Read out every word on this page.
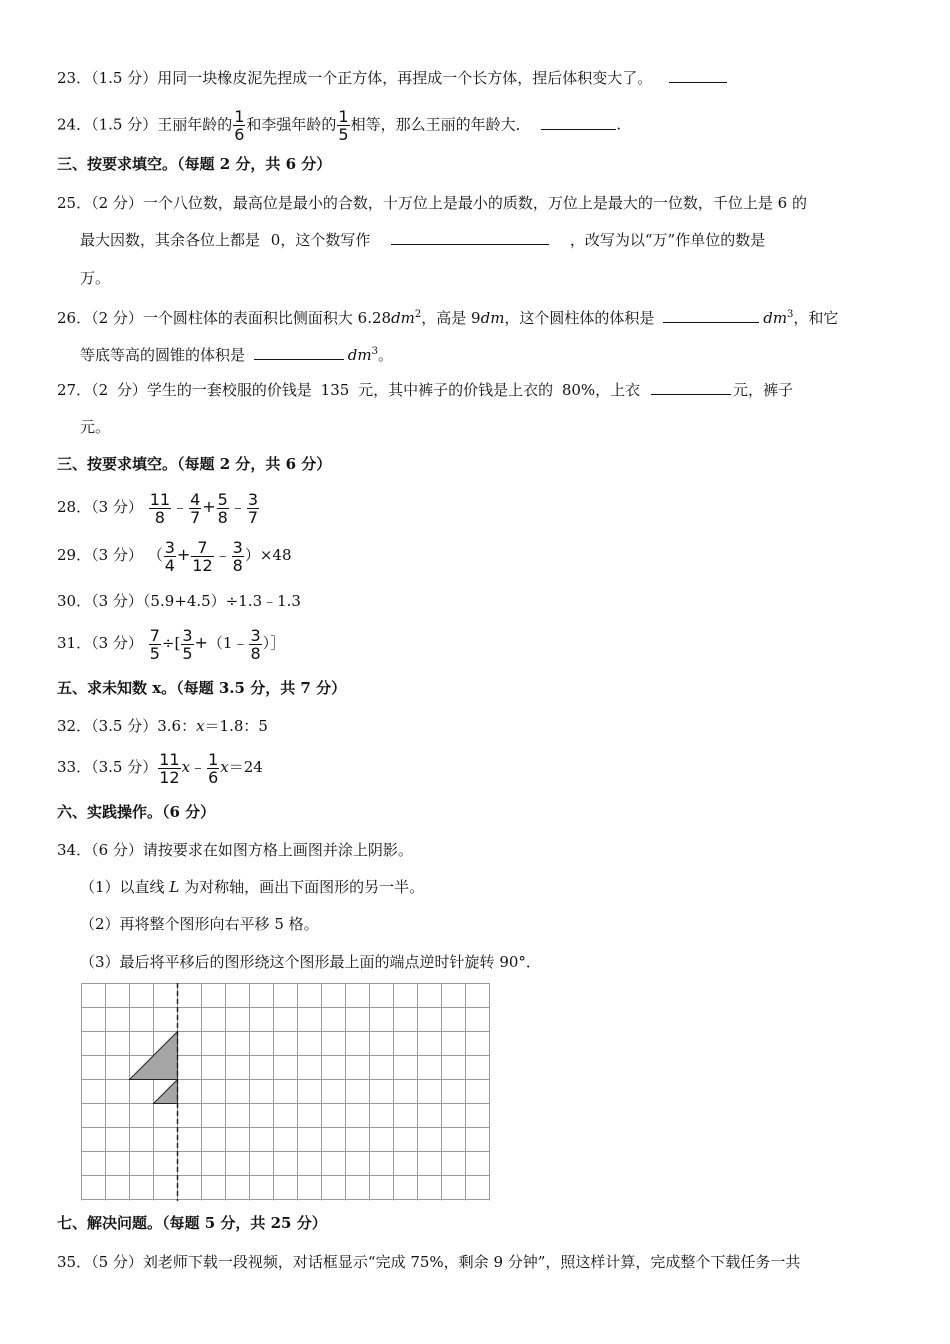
23．（1.5 分）用同一块橡皮泥先捏成一个正方体，再捏成一个长方体，捏后体积变大了。
24．（1.5 分）王丽年龄的 $\frac{1}{6}$ 和李强年龄的 $\frac{1}{5}$ 相等，那么王丽的年龄大．	.
三、按要求填空。（每题 2 分，共 6 分）
25．（2 分）一个八位数，最高位是最小的合数，十万位上是最小的质数，万位上是最大的一位数，千位上是 6 的
最大因数，其余各位上都是 0，这个数写作	，改写为以“万”作单位的数是
万。
26．（2 分）一个圆柱体的表面积比侧面积大 $6.28dm^2$，高是 9dm，这个圆柱体的体积是	$dm^3$，和它
等底等高的圆锥的体积是	$dm^3$。
27．（2 分）学生的一套校服的价钱是 135 元，其中裤子的价钱是上衣的 80%，上衣	元，裤子
元。
三、按要求填空。（每题 2 分，共 6 分）
28．（3 分） $\frac{11}{8}$ ﹣ $\frac{4}{7} + \frac{5}{8}$ ﹣ $\frac{3}{7}$
29．（3 分） （ $\frac{3}{4} + \frac{7}{12}$ ﹣ $\frac{3}{8} )\times 48$
30．（3 分）（5.9+4.5）÷1.3﹣1.3
31．（3 分） $\frac{7}{5}$ ÷[ $\frac{3}{5}$ +（1﹣ $\frac{3}{8}$ ）］
五、求未知数 x。（每题 3.5 分，共 7 分）
32．（3.5 分）3.6：x＝1.8：5
33．（3.5 分） $\frac{11}{12}$ x﹣ $\frac{1}{6} x=24$
六、实践操作。（6 分）
34．（6 分）请按要求在如图方格上画图并涂上阴影。
（1）以直线 L 为对称轴，画出下面图形的另一半。
（2）再将整个图形向右平移 5 格。
（3）最后将平移后的图形绕这个图形最上面的端点逆时针旋转 90°．
七、解决问题。（每题 5 分，共 25 分）
35．（5 分）刘老师下载一段视频，对话框显示“完成 75%，剩余 9 分钟”，照这样计算，完成整个下载任务一共
